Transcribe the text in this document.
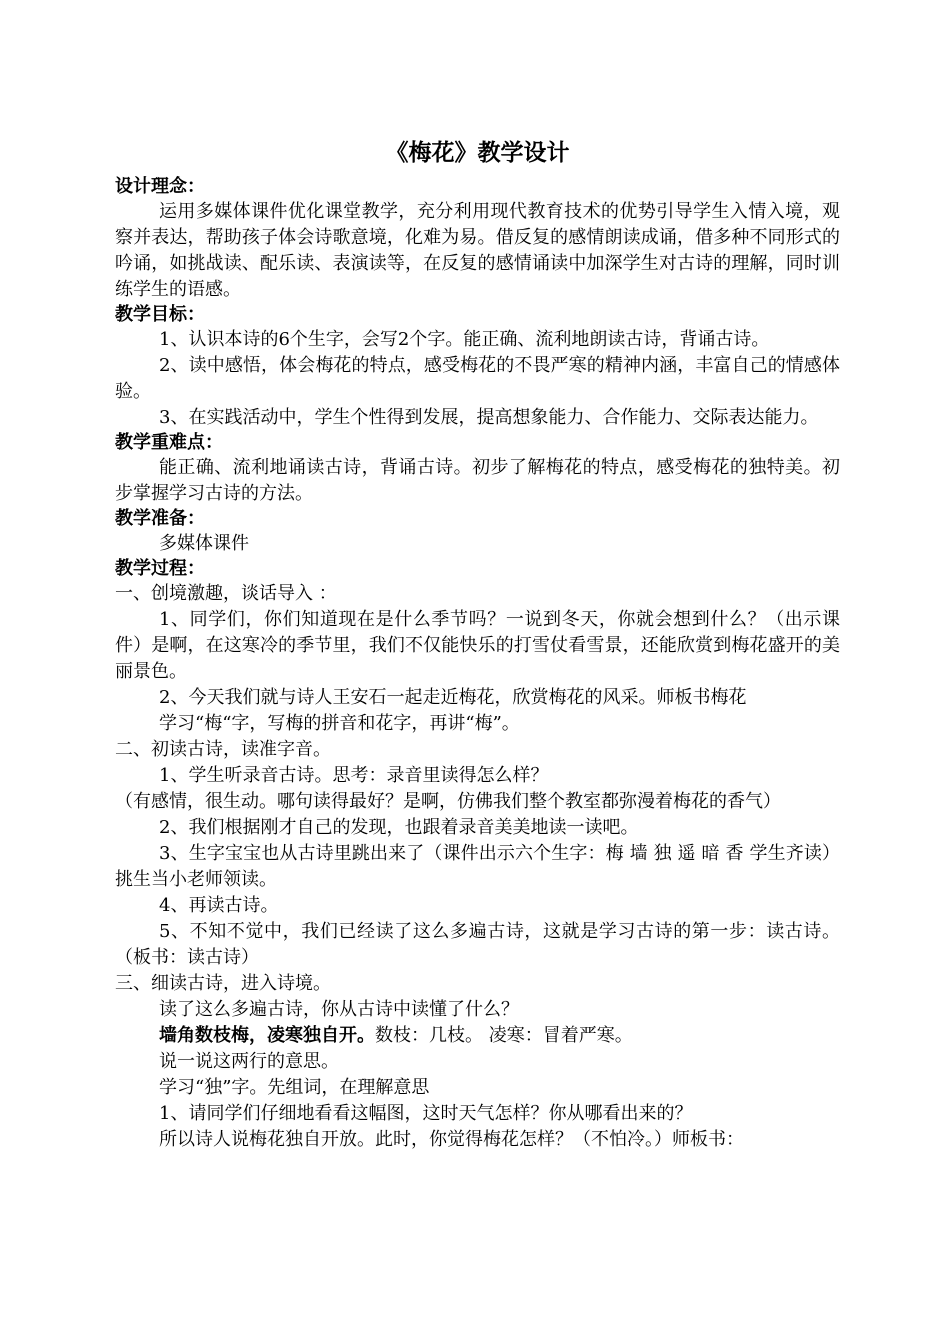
《梅花》教学设计
设计理念：
运用多媒体课件优化课堂教学，充分利用现代教育技术的优势引导学生入情入境，观察并表达，帮助孩子体会诗歌意境，化难为易。借反复的感情朗读成诵，借多种不同形式的吟诵，如挑战读、配乐读、表演读等，在反复的感情诵读中加深学生对古诗的理解，同时训练学生的语感。
教学目标：
1、认识本诗的6个生字，会写2个字。能正确、流利地朗读古诗，背诵古诗。
2、读中感悟，体会梅花的特点，感受梅花的不畏严寒的精神内涵，丰富自己的情感体验。
3、在实践活动中，学生个性得到发展，提高想象能力、合作能力、交际表达能力。
教学重难点：
能正确、流利地诵读古诗，背诵古诗。初步了解梅花的特点，感受梅花的独特美。初步掌握学习古诗的方法。
教学准备：
多媒体课件
教学过程：
一、创境激趣，谈话导入 ：
1、同学们，你们知道现在是什么季节吗？一说到冬天，你就会想到什么？（出示课件）是啊，在这寒冷的季节里，我们不仅能快乐的打雪仗看雪景，还能欣赏到梅花盛开的美丽景色。
2、今天我们就与诗人王安石一起走近梅花，欣赏梅花的风采。师板书梅花
学习“梅“字，写梅的拼音和花字，再讲“梅”。
二、初读古诗，读准字音。
1、学生听录音古诗。思考：录音里读得怎么样？
（有感情，很生动。哪句读得最好？是啊，仿佛我们整个教室都弥漫着梅花的香气）
2、我们根据刚才自己的发现，也跟着录音美美地读一读吧。
3、生字宝宝也从古诗里跳出来了（课件出示六个生字：梅 墙 独 遥 暗 香 学生齐读）挑生当小老师领读。
4、再读古诗。
5、不知不觉中，我们已经读了这么多遍古诗，这就是学习古诗的第一步：读古诗。（板书：读古诗）
三、细读古诗，进入诗境。
读了这么多遍古诗，你从古诗中读懂了什么？
墙角数枝梅，凌寒独自开。数枝：几枝。 凌寒：冒着严寒。
说一说这两行的意思。
学习“独”字。先组词，在理解意思
1、请同学们仔细地看看这幅图，这时天气怎样？你从哪看出来的？
所以诗人说梅花独自开放。此时，你觉得梅花怎样？（不怕冷。）师板书：
